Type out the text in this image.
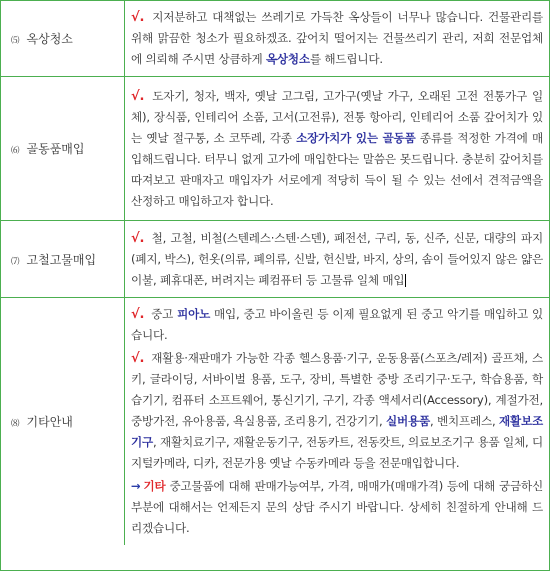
⑸ 옥상청소	√. 지저분하고 대책없는 쓰레기로 가득찬 옥상들이 너무나 많습니다. 건물관리를 위해 맑끔한 청소가 필요하겠죠. 갚어치 떨어지는 건물쓰리기 관리, 저희 전문업체에 의뢰해 주시면 상큼하게 옥상청소를 해드립니다.

⑹ 골동품매입	√. 도자기, 청자, 백자, 옛날 고그림, 고가구(옛날 가구, 오래된 고전 전통가구 일체), 장식품, 인테리어 소품, 고서(고전류), 전통 항아리, 인테리어 소품 갚어치가 있는 옛날 절구통, 소 코뚜레, 각종 소장가치가 있는 골동품 종류를 적정한 가격에 매입해드립니다. 터무니 없게 고가에 매입한다는 말씀은 못드립니다. 충분히 갚어치를 따져보고 판매자고 매입자가 서로에게 적당히 득이 될 수 있는 선에서 견적금액을 산정하고 매입하고자 합니다.

⑺ 고철고물매입	√. 철, 고철, 비철(스텐레스·스텐·스덴), 폐전선, 구리, 동, 신주, 신문, 대량의 파지(폐지, 박스), 헌옷(의류, 폐의류, 신발, 헌신발, 바지, 상의, 솜이 들어있지 않은 얇은 이불, 폐휴대폰, 버려지는 폐컴퓨터 등 고물류 일체 매입

⑻ 기타안내	√. 중고 피아노 매입, 중고 바이올린 등 이제 필요없게 된 중고 악기를 매입하고 있습니다.

√. 재활용·재판매가 가능한 각종 헬스용품·기구, 운동용품(스포츠/레저) 골프채, 스키, 글라이딩, 서바이벌 용품, 도구, 장비, 특별한 중방 조리기구·도구, 학습용품, 학습기기, 컴퓨터 소프트웨어, 통신기기, 구기, 각종 액세서리(Accessory), 계절가전, 중방가전, 유아용품, 욕실용품, 조리용기, 건강기기, 실버용품, 벤치프레스, 재활보조기구, 재활치료기구, 재활운동기구, 전동카트, 전동캇트, 의료보조기구 용품 일체, 디지털카메라, 디카, 전문가용 옛날 수동카메라 등을 전문매입합니다.

→ 기타 중고물품에 대해 판매가능여부, 가격, 매매가(매매가격) 등에 대해 궁금하신 부분에 대해서는 언제든지 문의 상담 주시기 바랍니다. 상세히 친절하게 안내해 드리겠습니다.
